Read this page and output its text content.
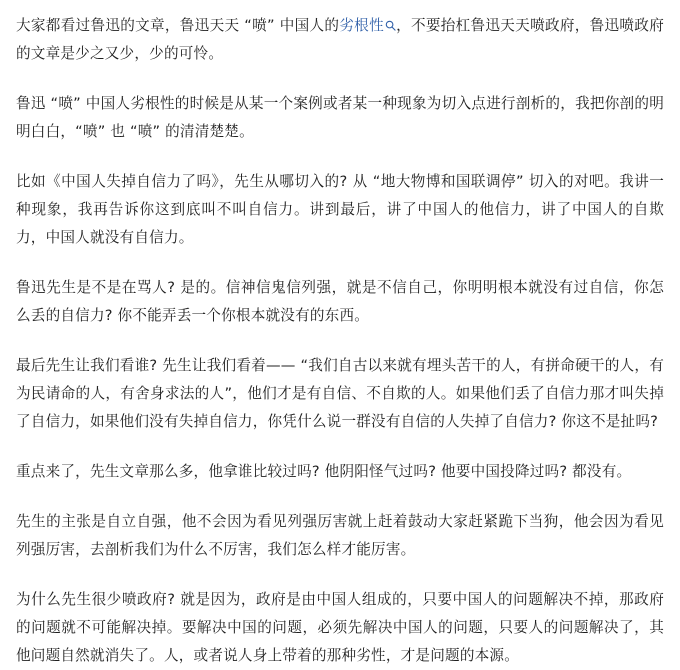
大家都看过鲁迅的文章，鲁迅天天 “喷” 中国人的劣根性 ，不要抬杠鲁迅天天喷政府，鲁迅喷政府的文章是少之又少，少的可怜。

鲁迅 “喷” 中国人劣根性的时候是从某一个案例或者某一种现象为切入点进行剖析的，我把你剖的明明白白，“喷” 也 “喷” 的清清楚楚。

比如《中国人失掉自信力了吗》，先生从哪切入的? 从 “地大物博和国联调停” 切入的对吧。我讲一种现象，我再告诉你这到底叫不叫自信力。讲到最后，讲了中国人的他信力，讲了中国人的自欺力，中国人就没有自信力。

鲁迅先生是不是在骂人? 是的。信神信鬼信列强，就是不信自己，你明明根本就没有过自信，你怎么丢的自信力? 你不能弄丢一个你根本就没有的东西。

最后先生让我们看谁? 先生让我们看着—— “我们自古以来就有埋头苦干的人，有拼命硬干的人，有为民请命的人，有舍身求法的人”，他们才是有自信、不自欺的人。如果他们丢了自信力那才叫失掉了自信力，如果他们没有失掉自信力，你凭什么说一群没有自信的人失掉了自信力? 你这不是扯吗?

重点来了，先生文章那么多，他拿谁比较过吗? 他阴阳怪气过吗? 他要中国投降过吗? 都没有。

先生的主张是自立自强，他不会因为看见列强厉害就上赶着鼓动大家赶紧跪下当狗，他会因为看见列强厉害，去剖析我们为什么不厉害，我们怎么样才能厉害。

为什么先生很少喷政府? 就是因为，政府是由中国人组成的，只要中国人的问题解决不掉，那政府的问题就不可能解决掉。要解决中国的问题，必须先解决中国人的问题，只要人的问题解决了，其他问题自然就消失了。人，或者说人身上带着的那种劣性，才是问题的本源。
